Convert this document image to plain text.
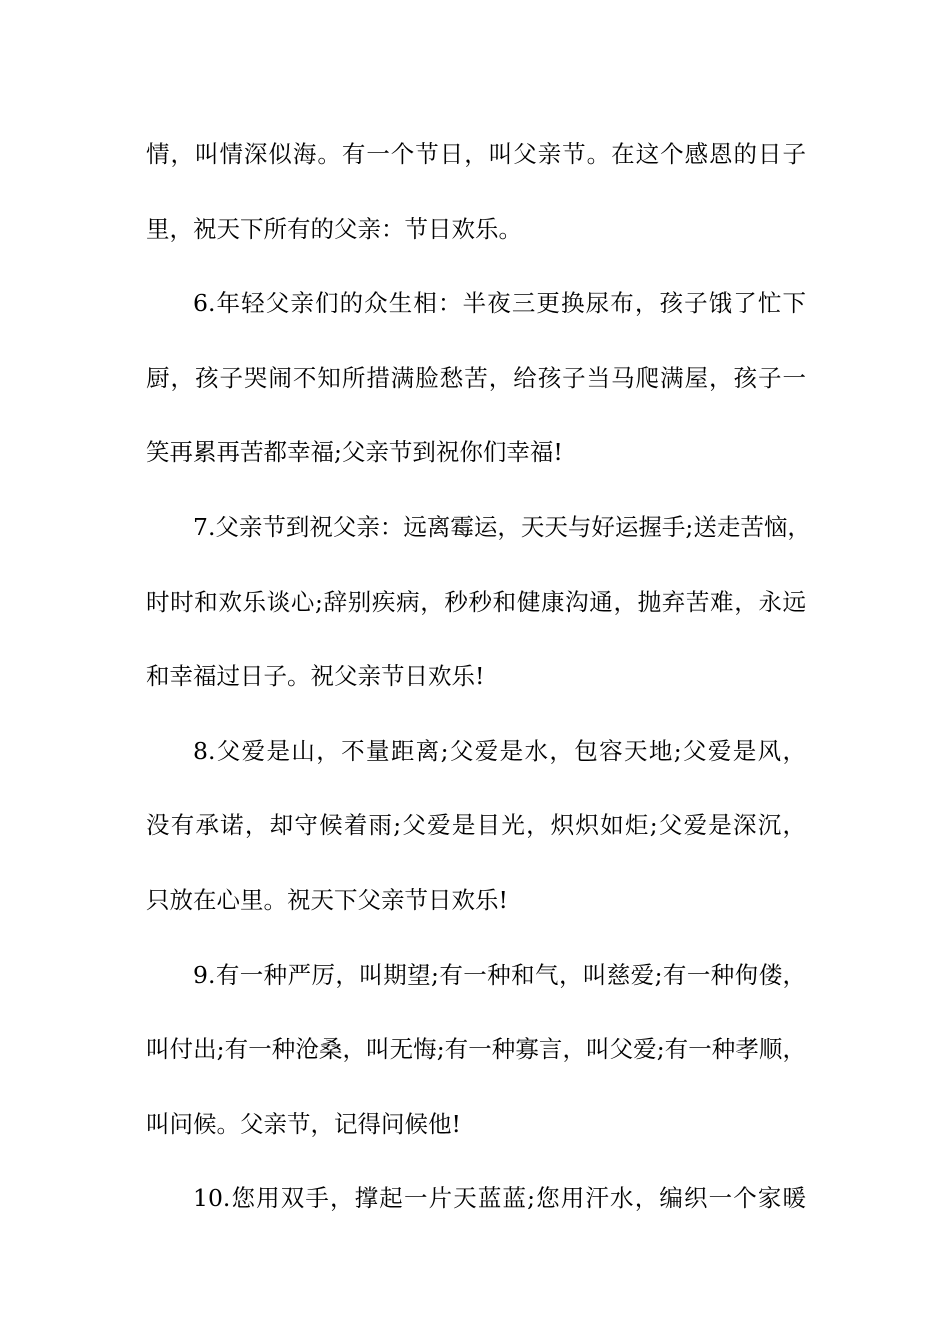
情，叫情深似海。有一个节日，叫父亲节。在这个感恩的日子
里，祝天下所有的父亲：节日欢乐。
6.年轻父亲们的众生相：半夜三更换尿布，孩子饿了忙下
厨，孩子哭闹不知所措满脸愁苦，给孩子当马爬满屋，孩子一
笑再累再苦都幸福;父亲节到祝你们幸福!
7.父亲节到祝父亲：远离霉运，天天与好运握手;送走苦恼，
时时和欢乐谈心;辞别疾病，秒秒和健康沟通，抛弃苦难，永远
和幸福过日子。祝父亲节日欢乐!
8.父爱是山，不量距离;父爱是水，包容天地;父爱是风，
没有承诺，却守候着雨;父爱是目光，炽炽如炬;父爱是深沉，
只放在心里。祝天下父亲节日欢乐!
9.有一种严厉，叫期望;有一种和气，叫慈爱;有一种佝偻，
叫付出;有一种沧桑，叫无悔;有一种寡言，叫父爱;有一种孝顺，
叫问候。父亲节，记得问候他!
10.您用双手，撑起一片天蓝蓝;您用汗水，编织一个家暖
